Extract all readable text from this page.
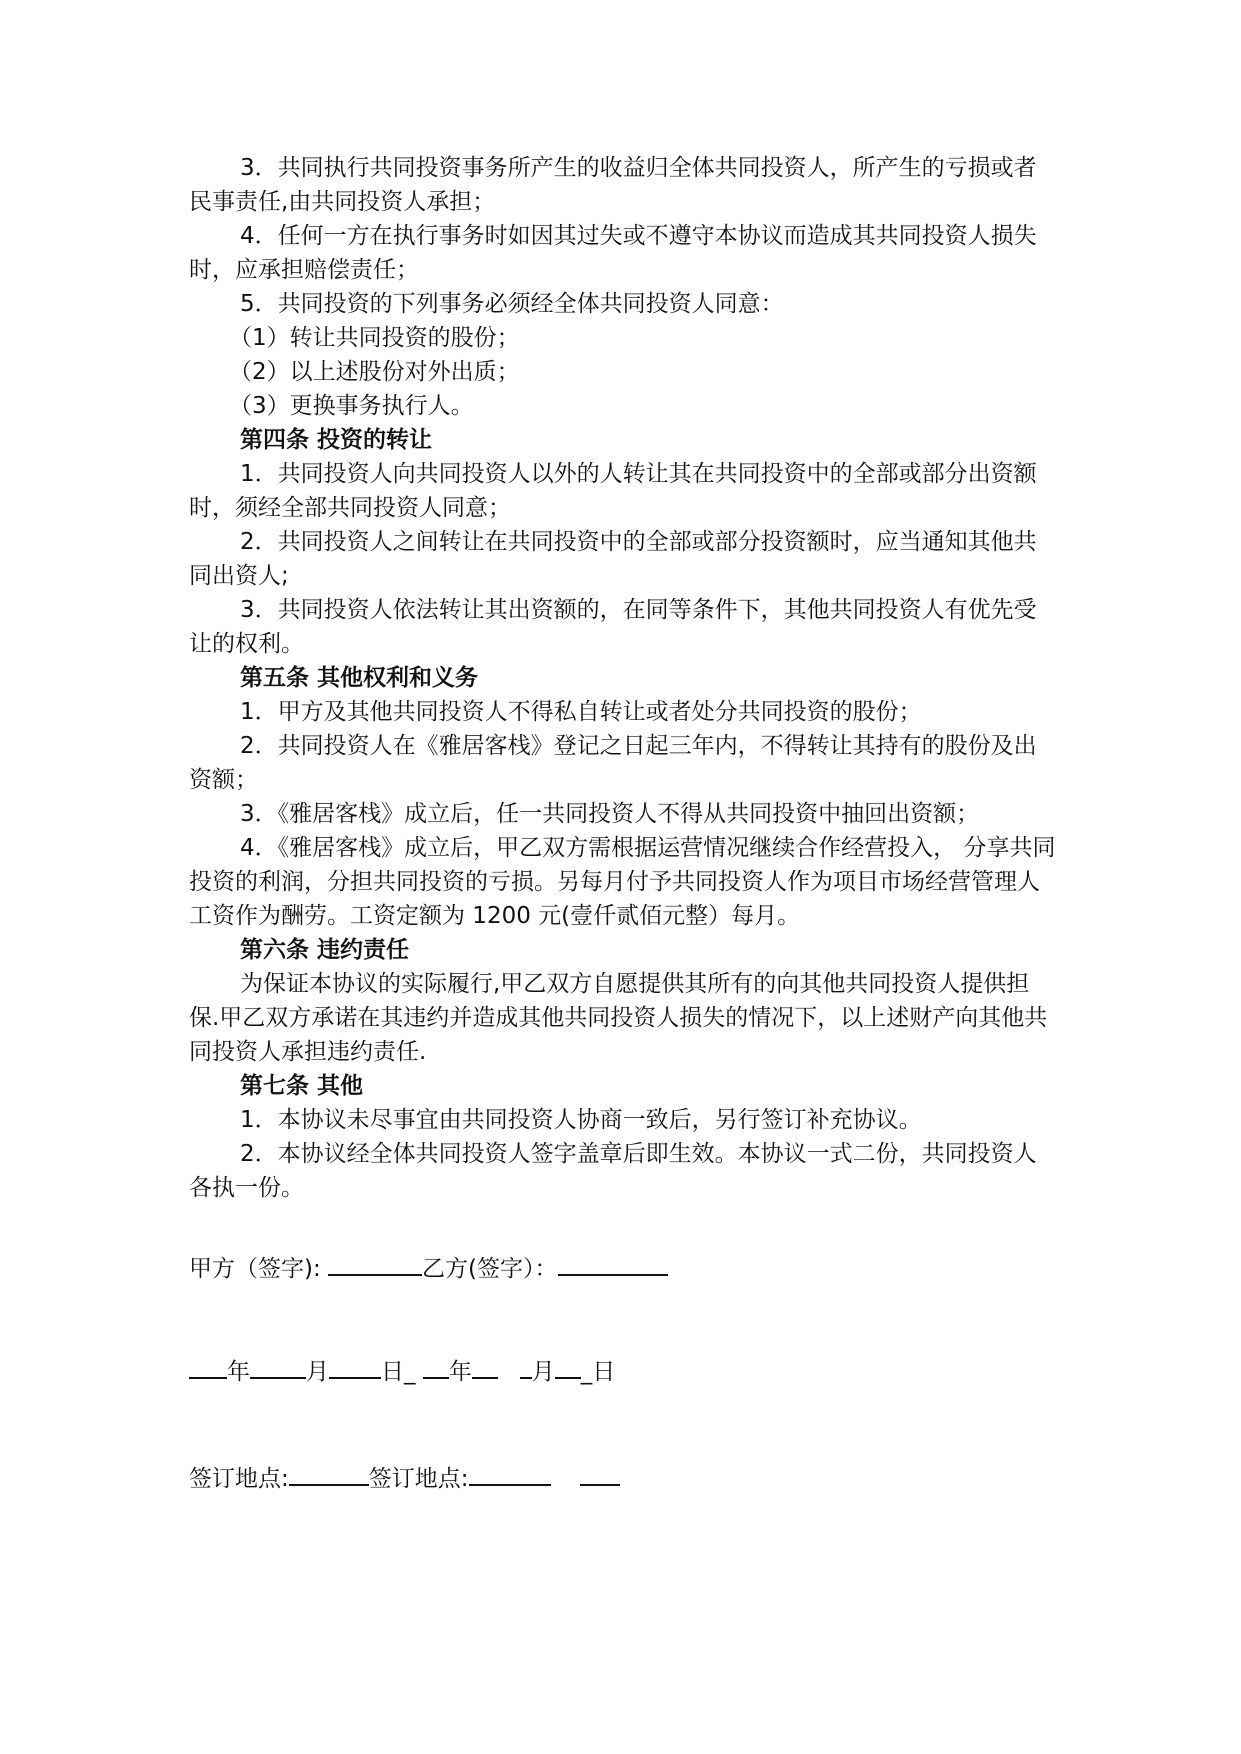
3．共同执行共同投资事务所产生的收益归全体共同投资人，所产生的亏损或者民事责任,由共同投资人承担；

4．任何一方在执行事务时如因其过失或不遵守本协议而造成其共同投资人损失时，应承担赔偿责任；

5．共同投资的下列事务必须经全体共同投资人同意：

（1）转让共同投资的股份；

（2）以上述股份对外出质；

（3）更换事务执行人。

第四条 投资的转让

1．共同投资人向共同投资人以外的人转让其在共同投资中的全部或部分出资额时，须经全部共同投资人同意；

2．共同投资人之间转让在共同投资中的全部或部分投资额时，应当通知其他共同出资人;

3．共同投资人依法转让其出资额的，在同等条件下，其他共同投资人有优先受让的权利。

第五条 其他权利和义务

1．甲方及其他共同投资人不得私自转让或者处分共同投资的股份；

2．共同投资人在《雅居客栈》登记之日起三年内，不得转让其持有的股份及出资额；

3．《雅居客栈》成立后，任一共同投资人不得从共同投资中抽回出资额；

4．《雅居客栈》成立后，甲乙双方需根据运营情况继续合作经营投入， 分享共同投资的利润，分担共同投资的亏损。另每月付予共同投资人作为项目市场经营管理人工资作为酬劳。工资定额为 1200 元(壹仟贰佰元整）每月。

第六条 违约责任

为保证本协议的实际履行,甲乙双方自愿提供其所有的向其他共同投资人提供担保.甲乙双方承诺在其违约并造成其他共同投资人损失的情况下，以上述财产向其他共同投资人承担违约责任.

第七条 其他

1．本协议未尽事宜由共同投资人协商一致后，另行签订补充协议。

2．本协议经全体共同投资人签字盖章后即生效。本协议一式二份，共同投资人各执一份。

甲方（签字):	乙方(签字）：
年 月 日_ 年	月 _日
签订地点:	签订地点:
